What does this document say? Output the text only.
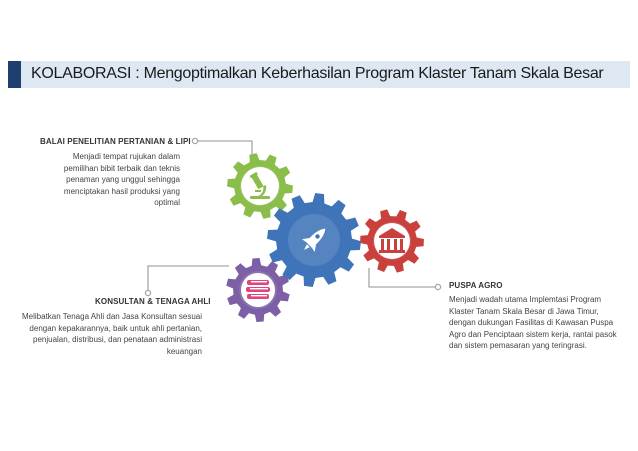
KOLABORASI : Mengoptimalkan Keberhasilan Program Klaster Tanam Skala Besar
BALAI PENELITIAN PERTANIAN & LIPI
Menjadi tempat rujukan dalam pemilihan bibit terbaik dan teknis penaman yang unggul sehingga menciptakan hasil produksi yang optimal
KONSULTAN & TENAGA AHLI
Melibatkan Tenaga Ahli dan Jasa Konsultan sesuai dengan kepakarannya, baik untuk ahli pertanian, penjualan, distribusi, dan penataan administrasi keuangan
PUSPA AGRO
Menjadi wadah utama Implemtasi Program Klaster Tanam Skala Besar di Jawa Timur, dengan dukungan Fasilitas di Kawasan Puspa Agro dan Penciptaan sistem kerja, rantai pasok dan sistem pemasaran yang teringrasi.
